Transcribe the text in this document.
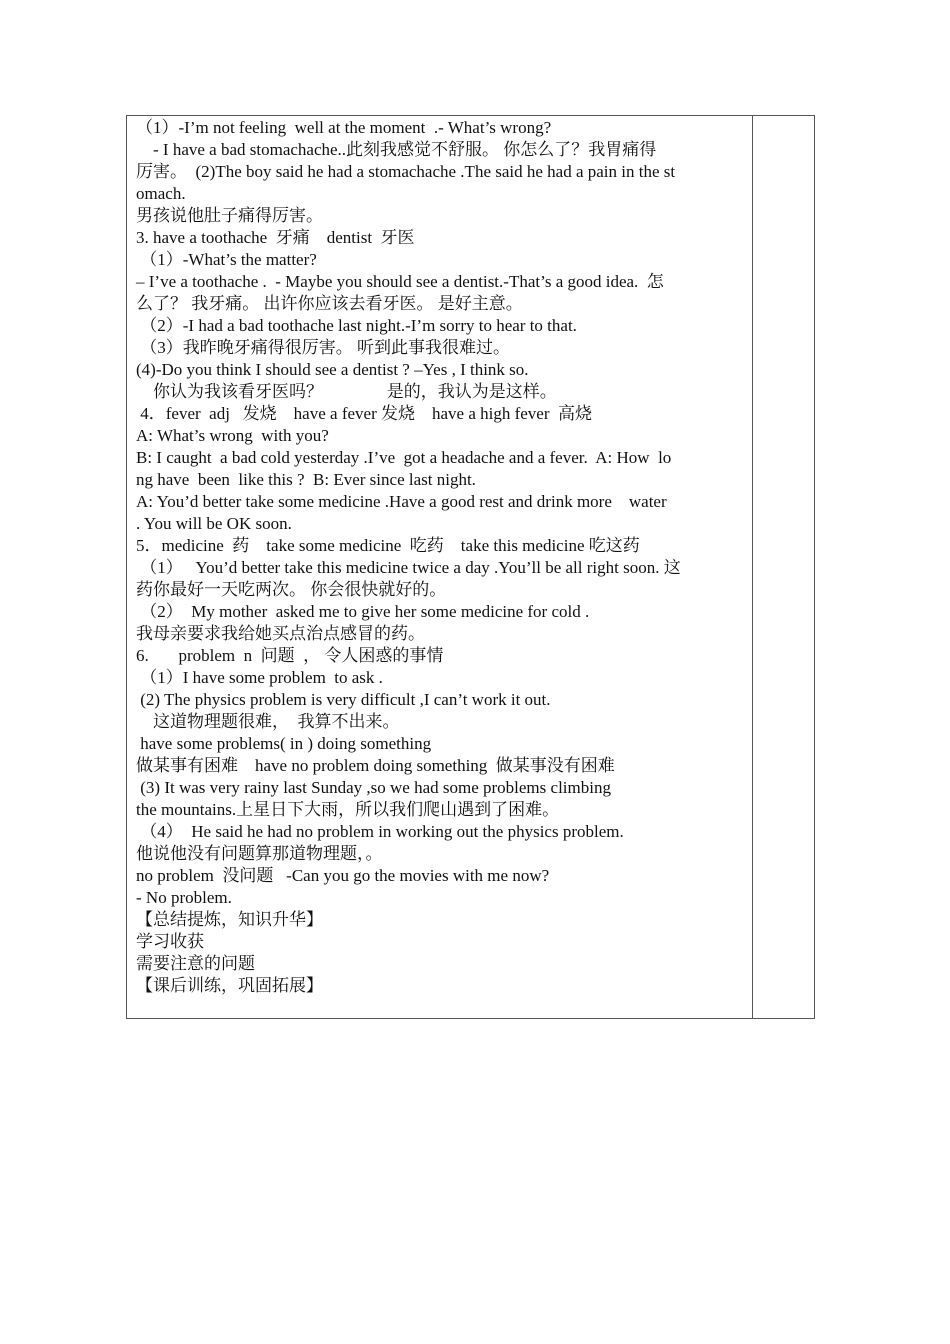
（1）-I’m not feeling  well at the moment  .- What’s wrong?
- I have a bad stomachache..此刻我感觉不舒服。 你怎么了？我胃痛得
厉害。  (2)The boy said he had a stomachache .The said he had a pain in the st
omach.
男孩说他肚子痛得厉害。
3. have a toothache  牙痛    dentist  牙医
（1）-What’s the matter?
– I’ve a toothache .  - Maybe you should see a dentist.-That’s a good idea.  怎
么了？ 我牙痛。 出许你应该去看牙医。 是好主意。
（2）-I had a bad toothache last night.-I’m sorry to hear to that.
（3）我昨晚牙痛得很厉害。 听到此事我很难过。
(4)-Do you think I should see a dentist ? –Yes , I think so.
你认为我该看牙医吗？               是的，我认为是这样。
4．fever  adj   发烧    have a fever 发烧    have a high fever  高烧
A: What’s wrong  with you?
B: I caught  a bad cold yesterday .I’ve  got a headache and a fever.  A: How  lo
ng have  been  like this ?  B: Ever since last night.
A: You’d better take some medicine .Have a good rest and drink more    water
. You will be OK soon.
5．medicine  药    take some medicine  吃药    take this medicine 吃这药
（1）   You’d better take this medicine twice a day .You’ll be all right soon. 这
药你最好一天吃两次。 你会很快就好的。
（2）  My mother  asked me to give her some medicine for cold .
我母亲要求我给她买点治点感冒的药。
6.       problem  n  问题  ， 令人困惑的事情
（1）I have some problem  to ask .
(2) The physics problem is very difficult ,I can’t work it out.
这道物理题很难，  我算不出来。
have some problems( in ) doing something
做某事有困难    have no problem doing something  做某事没有困难
(3) It was very rainy last Sunday ,so we had some problems climbing
the mountains.上星日下大雨，所以我们爬山遇到了困难。
（4）  He said he had no problem in working out the physics problem.
他说他没有问题算那道物理题，。
no problem  没问题   -Can you go the movies with me now?
- No problem.
【总结提炼，知识升华】
学习收获
需要注意的问题
【课后训练，巩固拓展】
